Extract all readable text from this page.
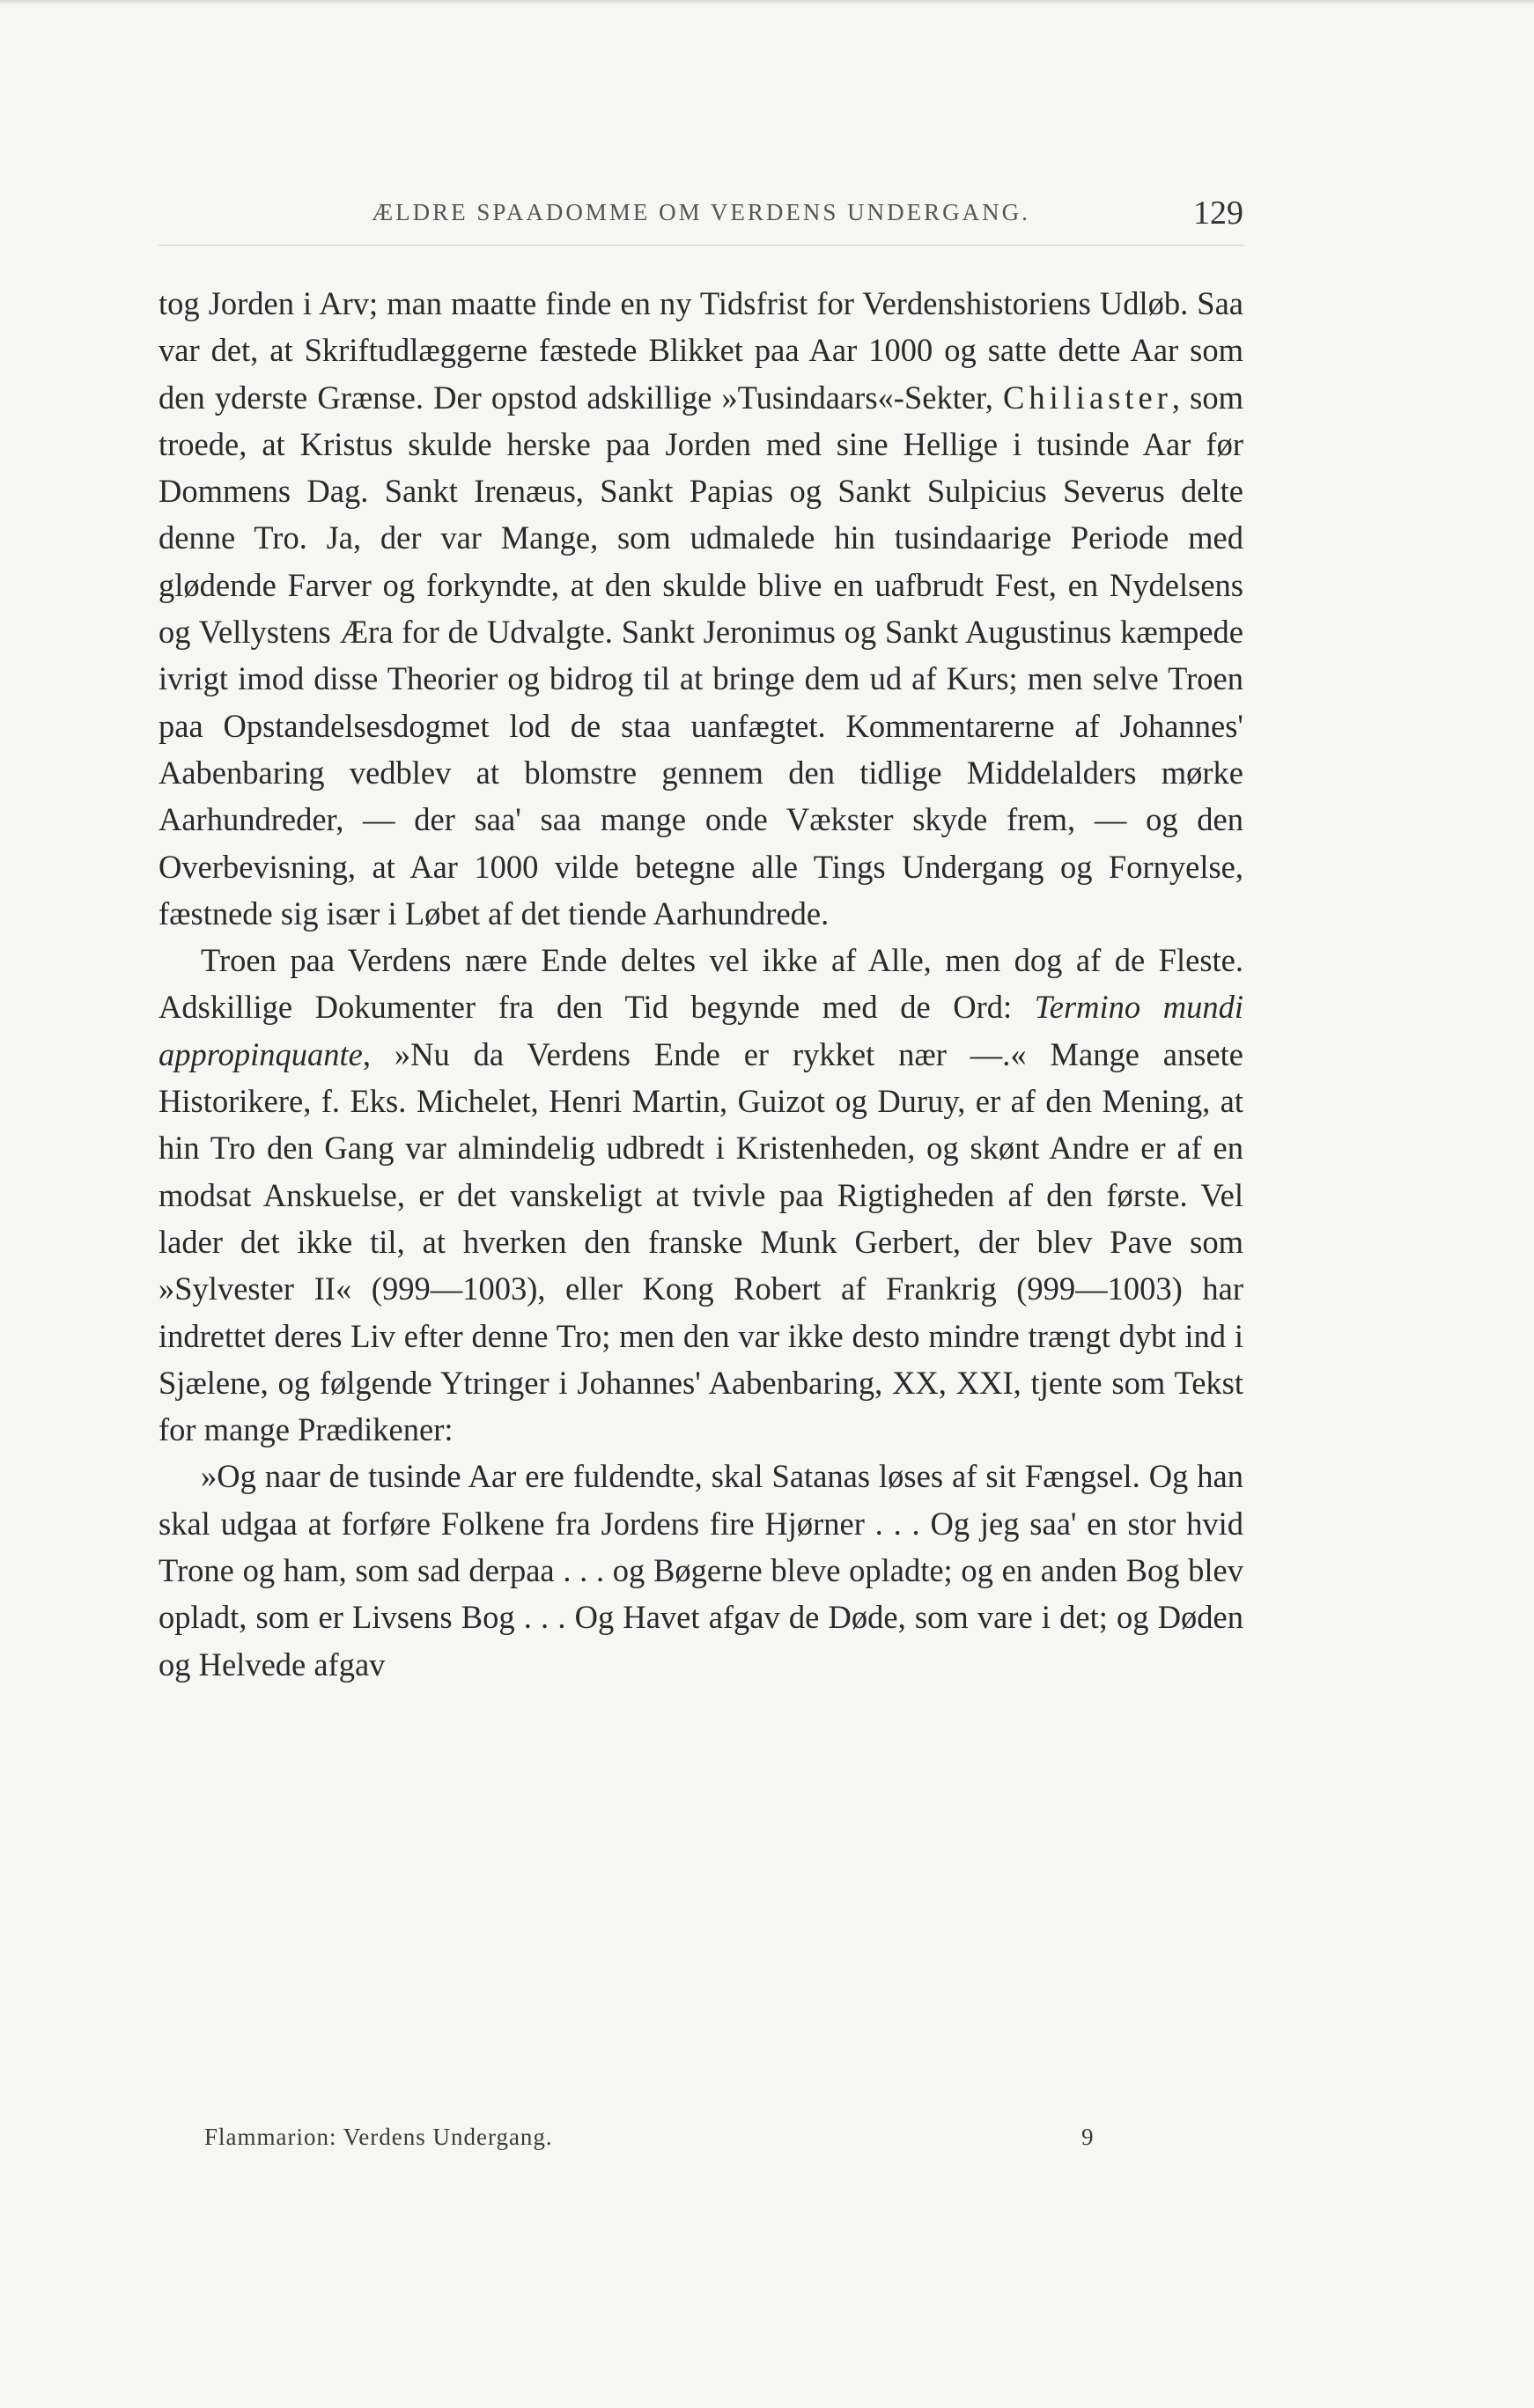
ÆLDRE SPAADOMME OM VERDENS UNDERGANG.	129

tog Jorden i Arv; man maatte finde en ny Tidsfrist for Verdenshistoriens Udløb. Saa var det, at Skriftudlæggerne fæstede Blikket paa Aar 1000 og satte dette Aar som den yderste Grænse. Der opstod adskillige »Tusindaars«-Sekter, Chiliaster, som troede, at Kristus skulde herske paa Jorden med sine Hellige i tusinde Aar før Dommens Dag. Sankt Irenæus, Sankt Papias og Sankt Sulpicius Severus delte denne Tro. Ja, der var Mange, som udmalede hin tusindaarige Periode med glødende Farver og forkyndte, at den skulde blive en uafbrudt Fest, en Nydelsens og Vellystens Æra for de Udvalgte. Sankt Jeronimus og Sankt Augustinus kæmpede ivrigt imod disse Theorier og bidrog til at bringe dem ud af Kurs; men selve Troen paa Opstandelsesdogmet lod de staa uanfægtet. Kommentarerne af Johannes' Aabenbaring vedblev at blomstre gennem den tidlige Middelalders mørke Aarhundreder, — der saa' saa mange onde Vækster skyde frem, — og den Overbevisning, at Aar 1000 vilde betegne alle Tings Undergang og Fornyelse, fæstnede sig især i Løbet af det tiende Aarhundrede.

Troen paa Verdens nære Ende deltes vel ikke af Alle, men dog af de Fleste. Adskillige Dokumenter fra den Tid begynde med de Ord: Termino mundi appropinquante, »Nu da Verdens Ende er rykket nær —.« Mange ansete Historikere, f. Eks. Michelet, Henri Martin, Guizot og Duruy, er af den Mening, at hin Tro den Gang var almindelig udbredt i Kristenheden, og skønt Andre er af en modsat Anskuelse, er det vanskeligt at tvivle paa Rigtigheden af den første. Vel lader det ikke til, at hverken den franske Munk Gerbert, der blev Pave som »Sylvester II« (999—1003), eller Kong Robert af Frankrig (999—1003) har indrettet deres Liv efter denne Tro; men den var ikke desto mindre trængt dybt ind i Sjælene, og følgende Ytringer i Johannes' Aabenbaring, XX, XXI, tjente som Tekst for mange Prædikener:

»Og naar de tusinde Aar ere fuldendte, skal Satanas løses af sit Fængsel. Og han skal udgaa at forføre Folkene fra Jordens fire Hjørner . . . Og jeg saa' en stor hvid Trone og ham, som sad derpaa . . . og Bøgerne bleve opladte; og en anden Bog blev opladt, som er Livsens Bog . . . Og Havet afgav de Døde, som vare i det; og Døden og Helvede afgav

Flammarion: Verdens Undergang.	9
